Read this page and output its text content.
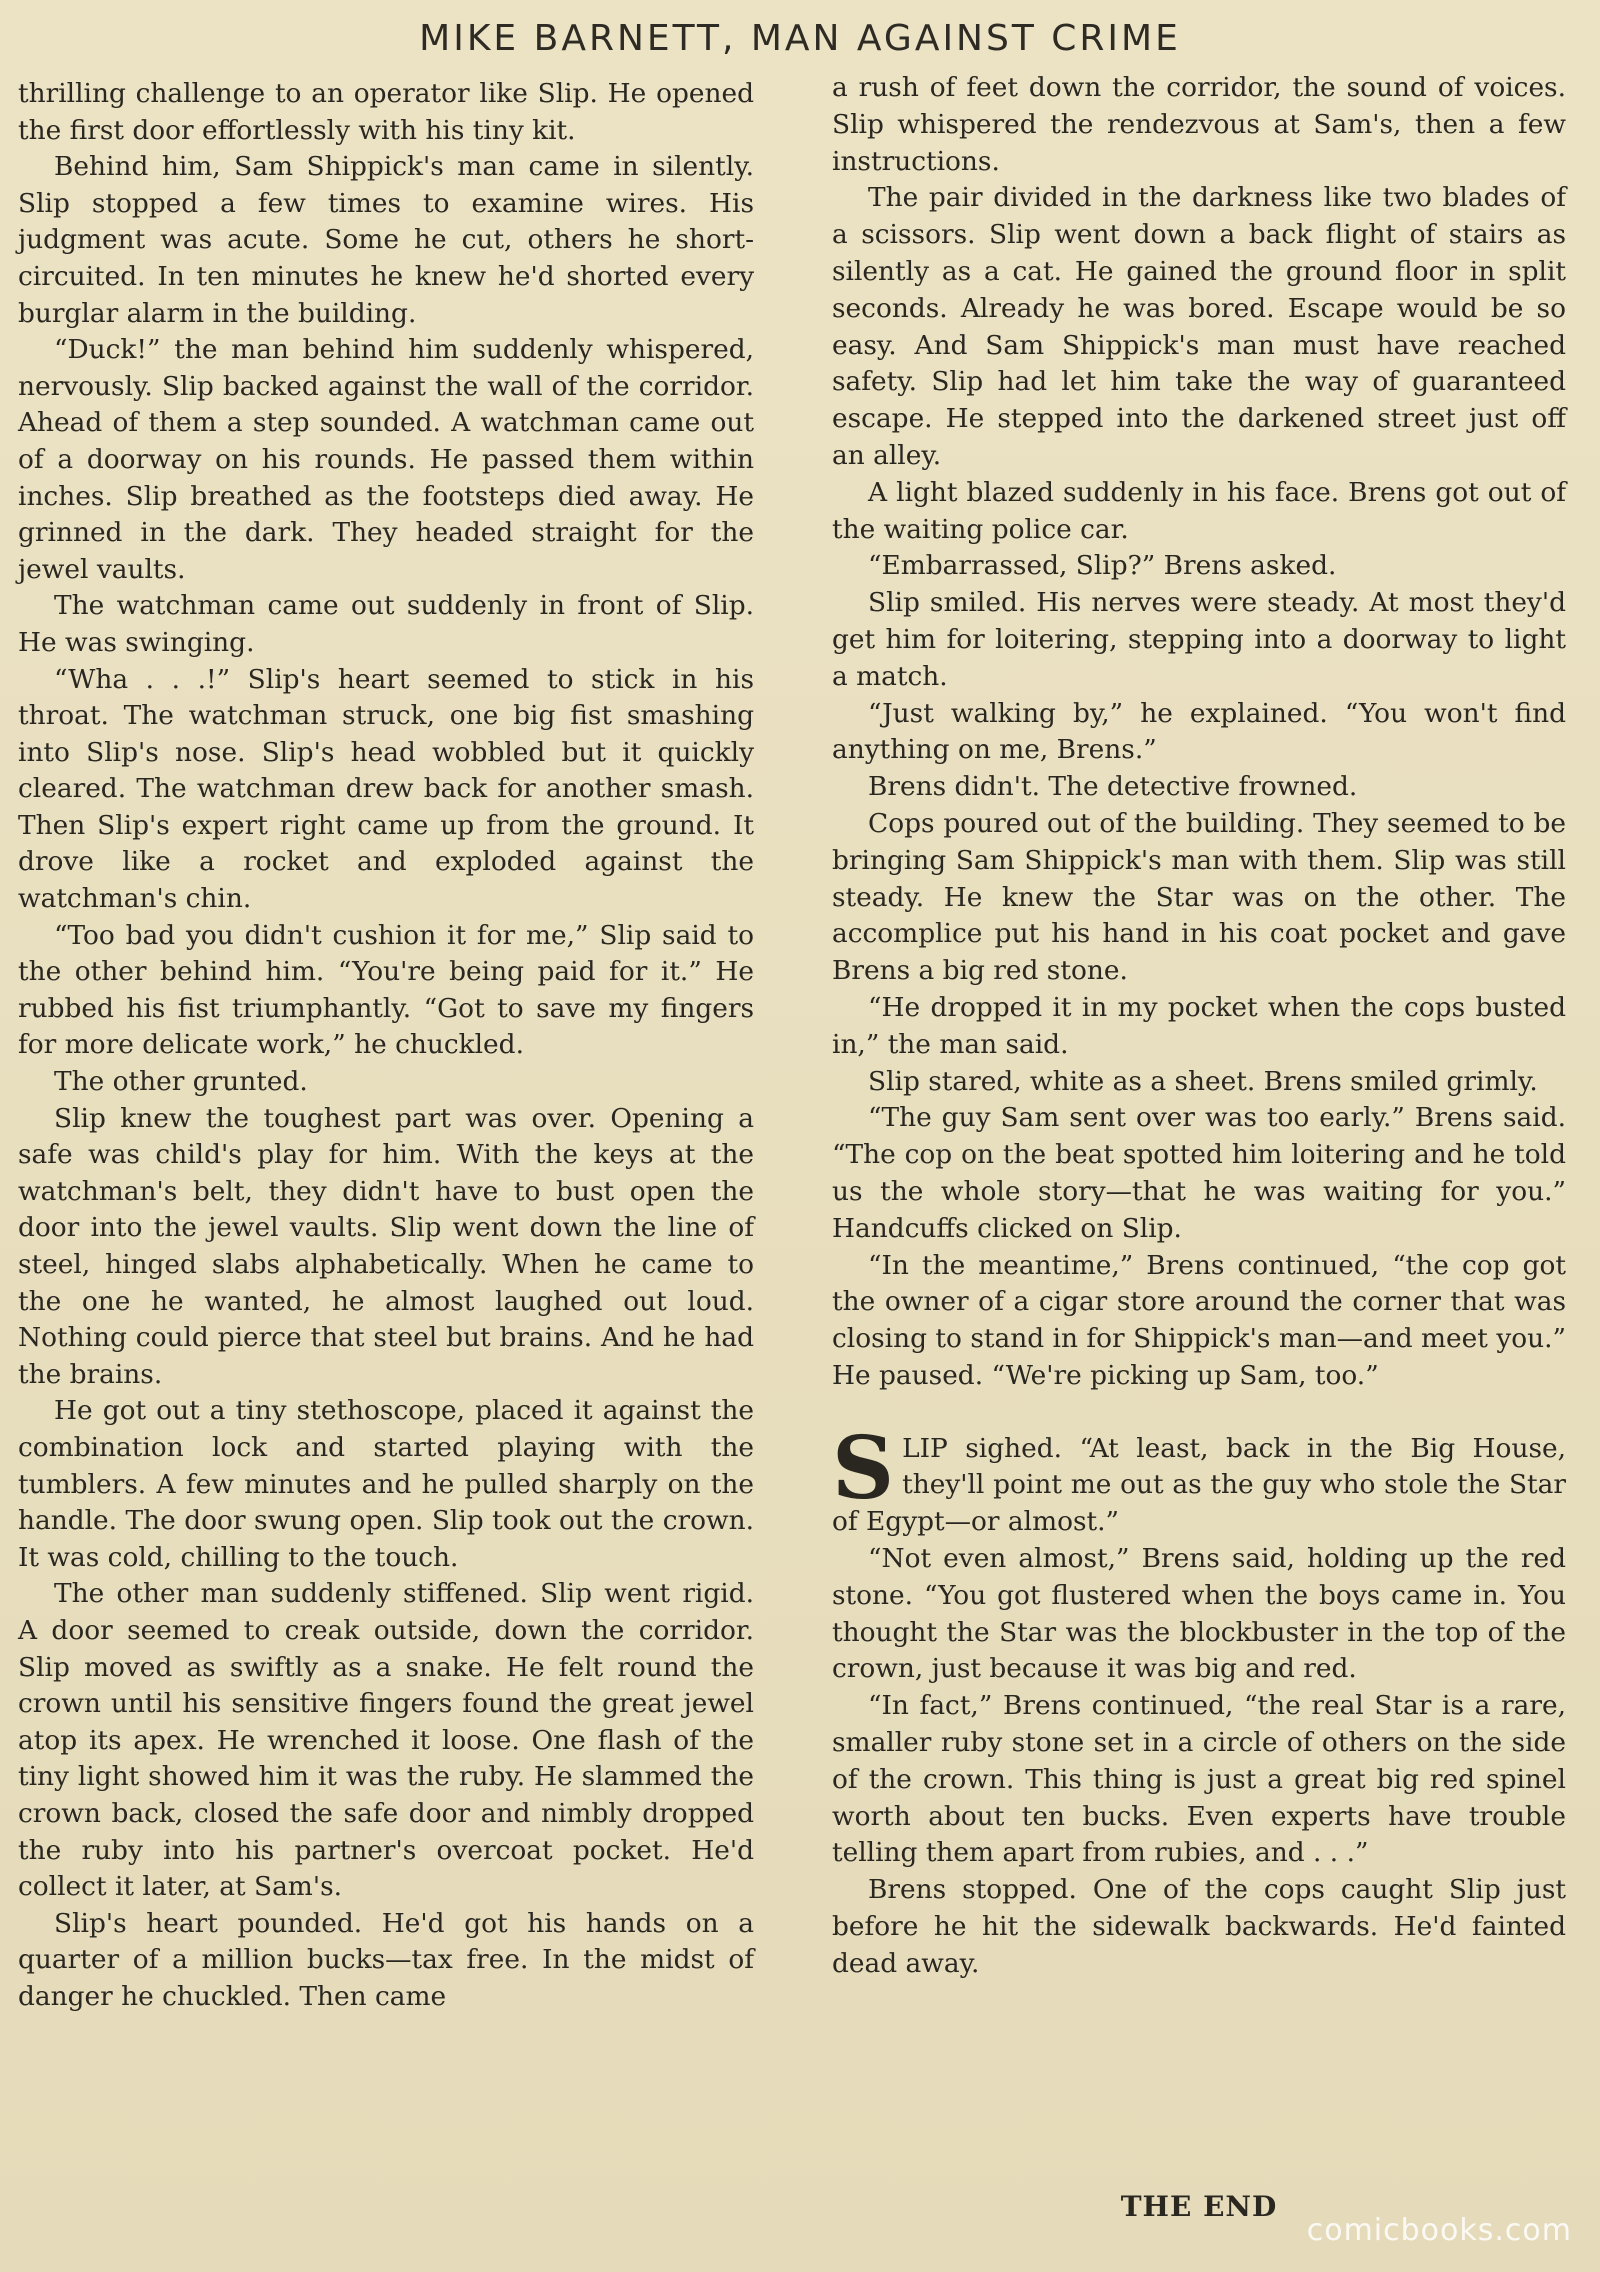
MIKE BARNETT, MAN AGAINST CRIME

thrilling challenge to an operator like Slip. He opened the first door effortlessly with his tiny kit.

Behind him, Sam Shippick's man came in silently. Slip stopped a few times to examine wires. His judgment was acute. Some he cut, others he short-circuited. In ten minutes he knew he'd shorted every burglar alarm in the building.

“Duck!” the man behind him suddenly whispered, nervously. Slip backed against the wall of the corridor. Ahead of them a step sounded. A watchman came out of a doorway on his rounds. He passed them within inches. Slip breathed as the footsteps died away. He grinned in the dark. They headed straight for the jewel vaults.

The watchman came out suddenly in front of Slip. He was swinging.

“Wha . . .!” Slip's heart seemed to stick in his throat. The watchman struck, one big fist smashing into Slip's nose. Slip's head wobbled but it quickly cleared. The watchman drew back for another smash. Then Slip's expert right came up from the ground. It drove like a rocket and exploded against the watchman's chin.

“Too bad you didn't cushion it for me,” Slip said to the other behind him. “You're being paid for it.” He rubbed his fist triumphantly. “Got to save my fingers for more delicate work,” he chuckled.

The other grunted.

Slip knew the toughest part was over. Opening a safe was child's play for him. With the keys at the watchman's belt, they didn't have to bust open the door into the jewel vaults. Slip went down the line of steel, hinged slabs alphabetically. When he came to the one he wanted, he almost laughed out loud. Nothing could pierce that steel but brains. And he had the brains.

He got out a tiny stethoscope, placed it against the combination lock and started playing with the tumblers. A few minutes and he pulled sharply on the handle. The door swung open. Slip took out the crown. It was cold, chilling to the touch.

The other man suddenly stiffened. Slip went rigid. A door seemed to creak outside, down the corridor. Slip moved as swiftly as a snake. He felt round the crown until his sensitive fingers found the great jewel atop its apex. He wrenched it loose. One flash of the tiny light showed him it was the ruby. He slammed the crown back, closed the safe door and nimbly dropped the ruby into his partner's overcoat pocket. He'd collect it later, at Sam's.

Slip's heart pounded. He'd got his hands on a quarter of a million bucks—tax free. In the midst of danger he chuckled. Then came

a rush of feet down the corridor, the sound of voices. Slip whispered the rendezvous at Sam's, then a few instructions.

The pair divided in the darkness like two blades of a scissors. Slip went down a back flight of stairs as silently as a cat. He gained the ground floor in split seconds. Already he was bored. Escape would be so easy. And Sam Shippick's man must have reached safety. Slip had let him take the way of guaranteed escape. He stepped into the darkened street just off an alley.

A light blazed suddenly in his face. Brens got out of the waiting police car.

“Embarrassed, Slip?” Brens asked.

Slip smiled. His nerves were steady. At most they'd get him for loitering, stepping into a doorway to light a match.

“Just walking by,” he explained. “You won't find anything on me, Brens.”

Brens didn't. The detective frowned.

Cops poured out of the building. They seemed to be bringing Sam Shippick's man with them. Slip was still steady. He knew the Star was on the other. The accomplice put his hand in his coat pocket and gave Brens a big red stone.

“He dropped it in my pocket when the cops busted in,” the man said.

Slip stared, white as a sheet. Brens smiled grimly.

“The guy Sam sent over was too early.” Brens said. “The cop on the beat spotted him loitering and he told us the whole story—that he was waiting for you.” Handcuffs clicked on Slip.

“In the meantime,” Brens continued, “the cop got the owner of a cigar store around the corner that was closing to stand in for Shippick's man—and meet you.” He paused. “We're picking up Sam, too.”

SLIP sighed. “At least, back in the Big House, they'll point me out as the guy who stole the Star of Egypt—or almost.”

“Not even almost,” Brens said, holding up the red stone. “You got flustered when the boys came in. You thought the Star was the blockbuster in the top of the crown, just because it was big and red.

“In fact,” Brens continued, “the real Star is a rare, smaller ruby stone set in a circle of others on the side of the crown. This thing is just a great big red spinel worth about ten bucks. Even experts have trouble telling them apart from rubies, and . . .”

Brens stopped. One of the cops caught Slip just before he hit the sidewalk backwards. He'd fainted dead away.

THE END
comicbooks.com
